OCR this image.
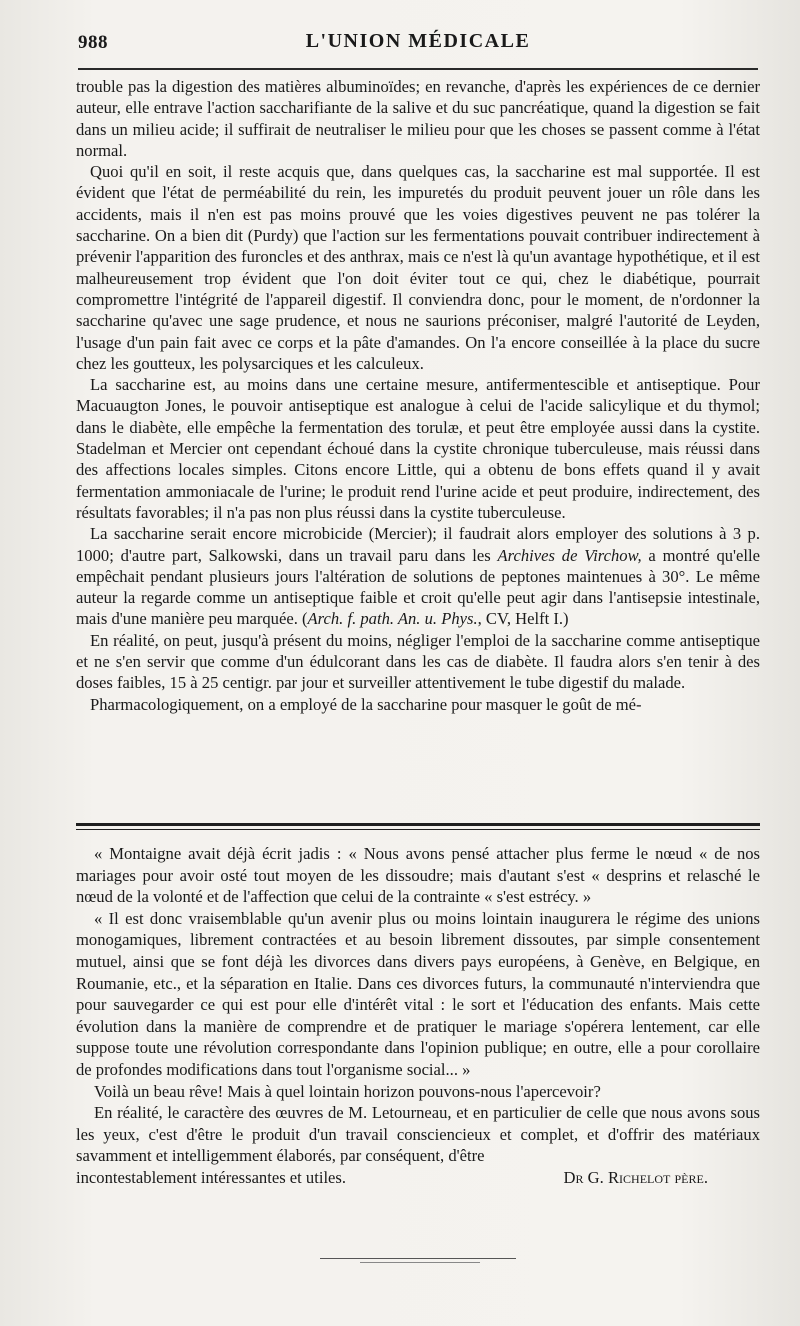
988	L'UNION MÉDICALE

trouble pas la digestion des matières albuminoïdes; en revanche, d'après les expériences de ce dernier auteur, elle entrave l'action saccharifiante de la salive et du suc pancréatique, quand la digestion se fait dans un milieu acide; il suffirait de neutraliser le milieu pour que les choses se passent comme à l'état normal.

Quoi qu'il en soit, il reste acquis que, dans quelques cas, la saccharine est mal supportée. Il est évident que l'état de perméabilité du rein, les impuretés du produit peuvent jouer un rôle dans les accidents, mais il n'en est pas moins prouvé que les voies digestives peuvent ne pas tolérer la saccharine. On a bien dit (Purdy) que l'action sur les fermentations pouvait contribuer indirectement à prévenir l'apparition des furoncles et des anthrax, mais ce n'est là qu'un avantage hypothétique, et il est malheureusement trop évident que l'on doit éviter tout ce qui, chez le diabétique, pourrait compromettre l'intégrité de l'appareil digestif. Il conviendra donc, pour le moment, de n'ordonner la saccharine qu'avec une sage prudence, et nous ne saurions préconiser, malgré l'autorité de Leyden, l'usage d'un pain fait avec ce corps et la pâte d'amandes. On l'a encore conseillée à la place du sucre chez les goutteux, les polysarciques et les calculeux.

La saccharine est, au moins dans une certaine mesure, antifermentescible et antiseptique. Pour Macuaugton Jones, le pouvoir antiseptique est analogue à celui de l'acide salicylique et du thymol; dans le diabète, elle empêche la fermentation des torulæ, et peut être employée aussi dans la cystite. Stadelman et Mercier ont cependant échoué dans la cystite chronique tuberculeuse, mais réussi dans des affections locales simples. Citons encore Little, qui a obtenu de bons effets quand il y avait fermentation ammoniacale de l'urine; le produit rend l'urine acide et peut produire, indirectement, des résultats favorables; il n'a pas non plus réussi dans la cystite tuberculeuse.

La saccharine serait encore microbicide (Mercier); il faudrait alors employer des solutions à 3 p. 1000; d'autre part, Salkowski, dans un travail paru dans les Archives de Virchow, a montré qu'elle empêchait pendant plusieurs jours l'altération de solutions de peptones maintenues à 30°. Le même auteur la regarde comme un antiseptique faible et croit qu'elle peut agir dans l'antisepsie intestinale, mais d'une manière peu marquée. (Arch. f. path. An. u. Phys., CV, Helft I.)

En réalité, on peut, jusqu'à présent du moins, négliger l'emploi de la saccharine comme antiseptique et ne s'en servir que comme d'un édulcorant dans les cas de diabète. Il faudra alors s'en tenir à des doses faibles, 15 à 25 centigr. par jour et surveiller attentivement le tube digestif du malade.

Pharmacologiquement, on a employé de la saccharine pour masquer le goût de mé-

« Montaigne avait déjà écrit jadis : « Nous avons pensé attacher plus ferme le nœud « de nos mariages pour avoir osté tout moyen de les dissoudre; mais d'autant s'est « desprins et relasché le nœud de la volonté et de l'affection que celui de la contrainte « s'est estrécy. »

« Il est donc vraisemblable qu'un avenir plus ou moins lointain inaugurera le régime des unions monogamiques, librement contractées et au besoin librement dissoutes, par simple consentement mutuel, ainsi que se font déjà les divorces dans divers pays européens, à Genève, en Belgique, en Roumanie, etc., et la séparation en Italie. Dans ces divorces futurs, la communauté n'interviendra que pour sauvegarder ce qui est pour elle d'intérêt vital : le sort et l'éducation des enfants. Mais cette évolution dans la manière de comprendre et de pratiquer le mariage s'opérera lentement, car elle suppose toute une révolution correspondante dans l'opinion publique; en outre, elle a pour corollaire de profondes modifications dans tout l'organisme social... »

Voilà un beau rêve! Mais à quel lointain horizon pouvons-nous l'apercevoir?

En réalité, le caractère des œuvres de M. Letourneau, et en particulier de celle que nous avons sous les yeux, c'est d'être le produit d'un travail consciencieux et complet, et d'offrir des matériaux savamment et intelligemment élaborés, par conséquent, d'être

incontestablement intéressantes et utiles.	Dr G. Richelot père.
